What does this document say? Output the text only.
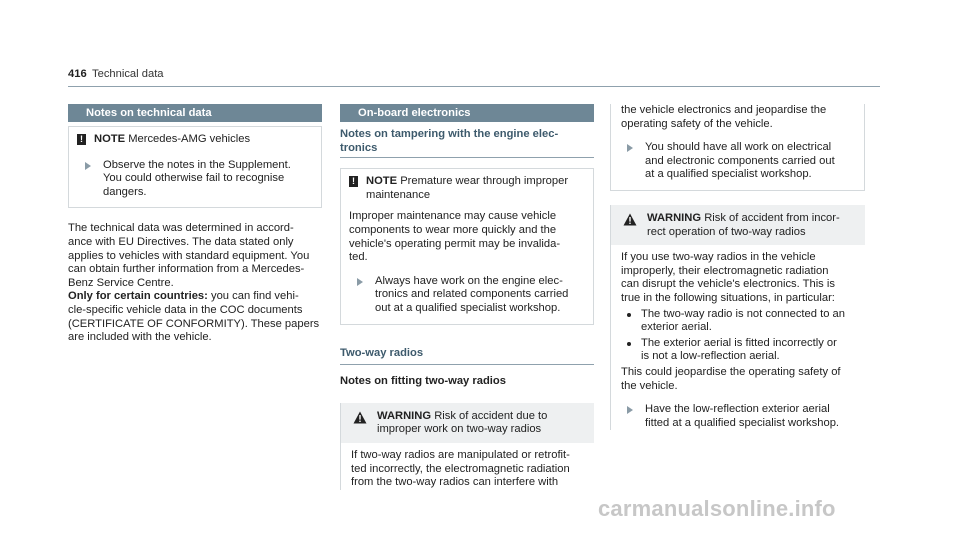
416 Technical data
Notes on technical data
! NOTE Mercedes-AMG vehicles

Observe the notes in the Supplement.

You could otherwise fail to recognise

dangers.

The technical data was determined in accord-

ance with EU Directives. The data stated only

applies to vehicles with standard equipment. You

can obtain further information from a Mercedes-

Benz Service Centre.

Only for certain countries: you can find vehi-

cle-specific vehicle data in the COC documents

(CERTIFICATE OF CONFORMITY). These papers

are included with the vehicle.

On-board electronics

Notes on tampering with the engine elec-

tronics

! NOTE Premature wear through improper

maintenance

Improper maintenance may cause vehicle

components to wear more quickly and the

vehicle's operating permit may be invalida-

ted.

Always have work on the engine elec-

tronics and related components carried

out at a qualified specialist workshop.

Two-way radios
Notes on fitting two-way radios

WARNING Risk of accident due to

improper work on two-way radios

If two-way radios are manipulated or retrofit-

ted incorrectly, the electromagnetic radiation

from the two-way radios can interfere with

the vehicle electronics and jeopardise the

operating safety of the vehicle.

You should have all work on electrical

and electronic components carried out

at a qualified specialist workshop.

WARNING Risk of accident from incor-

rect operation of two-way radios

If you use two-way radios in the vehicle

improperly, their electromagnetic radiation

can disrupt the vehicle's electronics. This is

true in the following situations, in particular:

The two-way radio is not connected to an

exterior aerial.

The exterior aerial is fitted incorrectly or

is not a low-reflection aerial.

This could jeopardise the operating safety of

the vehicle.

Have the low-reflection exterior aerial

fitted at a qualified specialist workshop.

carmanualsonline.info
